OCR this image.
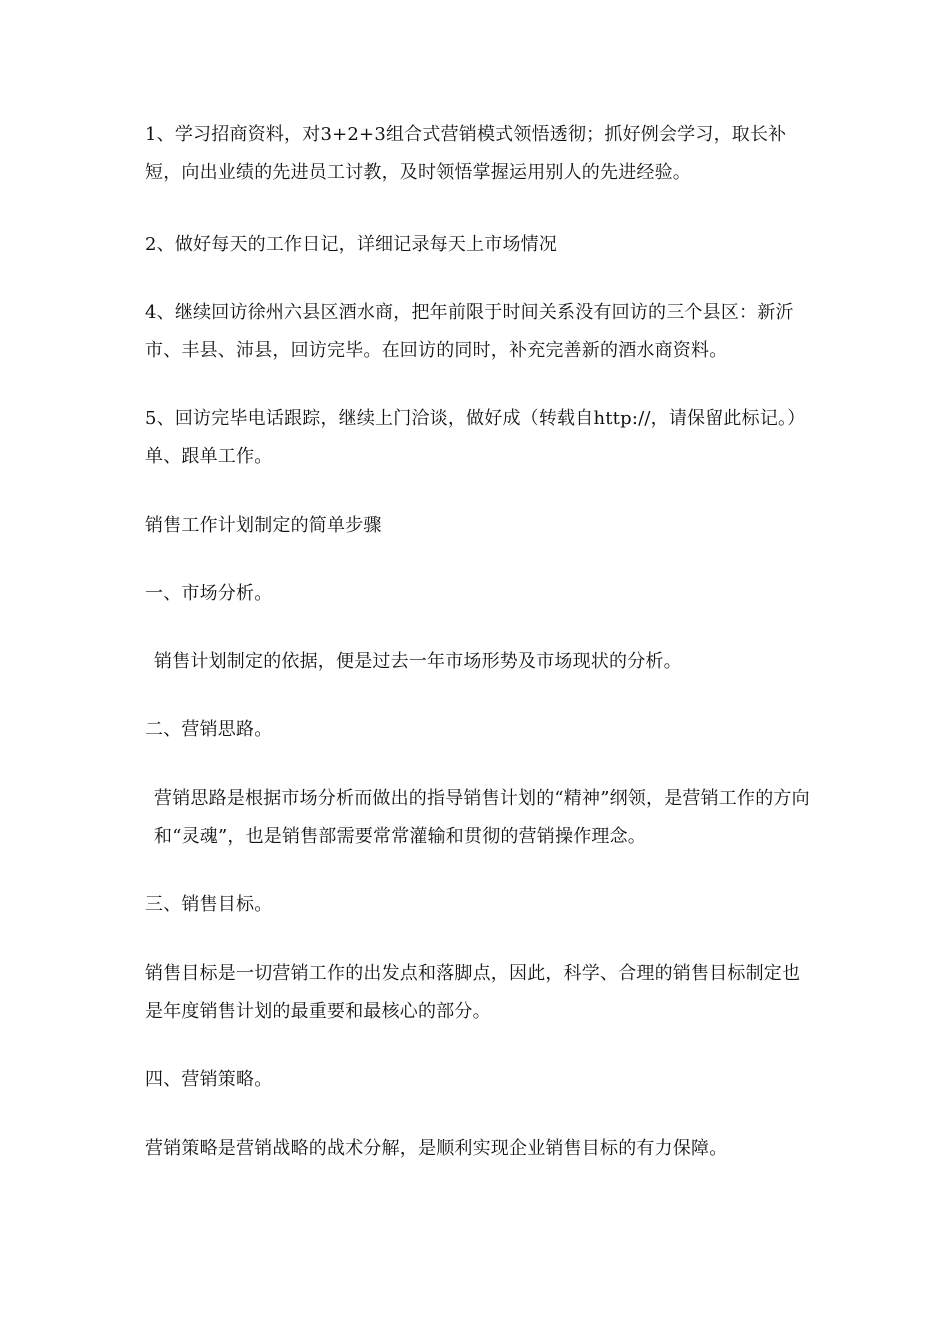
1、学习招商资料，对3+2+3组合式营销模式领悟透彻；抓好例会学习，取长补短，向出业绩的先进员工讨教，及时领悟掌握运用别人的先进经验。

2、做好每天的工作日记，详细记录每天上市场情况

4、继续回访徐州六县区酒水商，把年前限于时间关系没有回访的三个县区：新沂市、丰县、沛县，回访完毕。在回访的同时，补充完善新的酒水商资料。

5、回访完毕电话跟踪，继续上门洽谈，做好成（转载自http://，请保留此标记。）单、跟单工作。

销售工作计划制定的简单步骤

一、市场分析。

销售计划制定的依据，便是过去一年市场形势及市场现状的分析。

二、营销思路。

营销思路是根据市场分析而做出的指导销售计划的“精神”纲领，是营销工作的方向和“灵魂”，也是销售部需要常常灌输和贯彻的营销操作理念。

三、销售目标。

销售目标是一切营销工作的出发点和落脚点，因此，科学、合理的销售目标制定也是年度销售计划的最重要和最核心的部分。

四、营销策略。

营销策略是营销战略的战术分解，是顺利实现企业销售目标的有力保障。
